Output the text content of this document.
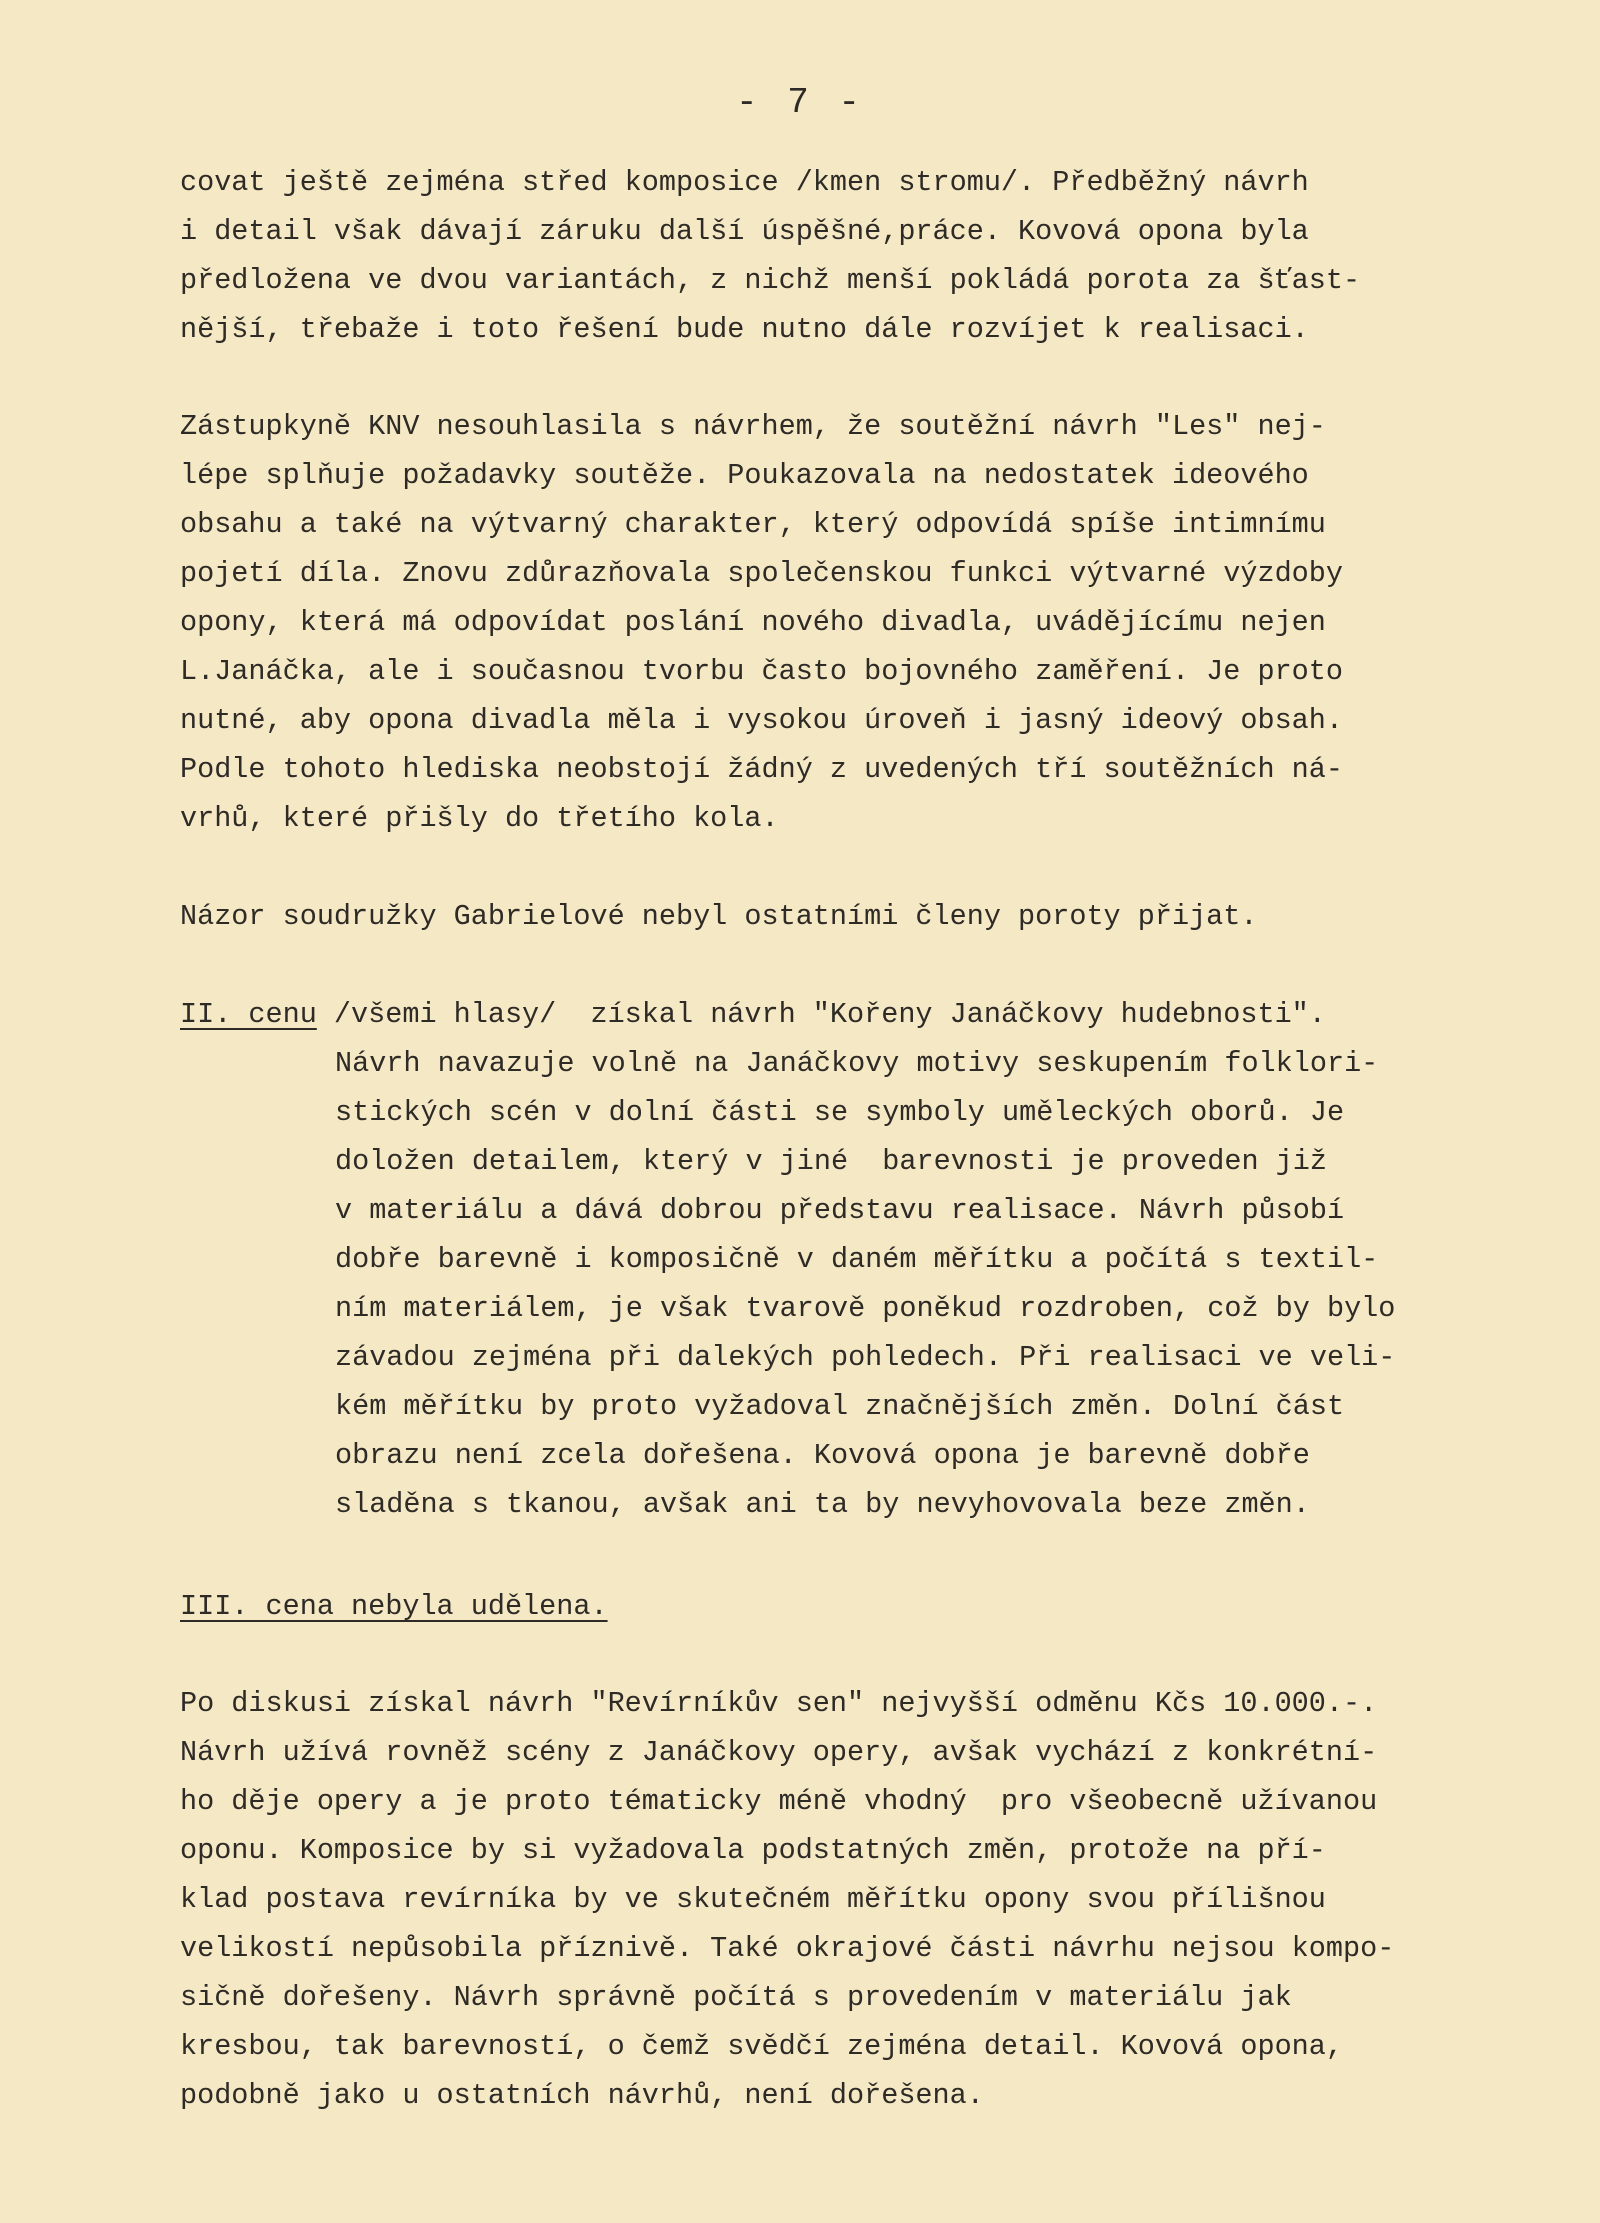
- 7 -
covat ještě zejména střed komposice /kmen stromu/. Předběžný návrh
i detail však dávají záruku další úspěšné,práce. Kovová opona byla
předložena ve dvou variantách, z nichž menší pokládá porota za šťast-
nější, třebaže i toto řešení bude nutno dále rozvíjet k realisaci.
Zástupkyně KNV nesouhlasila s návrhem, že soutěžní návrh "Les" nej-
lépe splňuje požadavky soutěže. Poukazovala na nedostatek ideového
obsahu a také na výtvarný charakter, který odpovídá spíše intimnímu
pojetí díla. Znovu zdůrazňovala společenskou funkci výtvarné výzdoby
opony, která má odpovídat poslání nového divadla, uvádějícímu nejen
L.Janáčka, ale i současnou tvorbu často bojovného zaměření. Je proto
nutné, aby opona divadla měla i vysokou úroveň i jasný ideový obsah.
Podle tohoto hlediska neobstojí žádný z uvedených tří soutěžních ná-
vrhů, které přišly do třetího kola.
Názor soudružky Gabrielové nebyl ostatními členy poroty přijat.
II. cenu /všemi hlasy/  získal návrh "Kořeny Janáčkovy hudebnosti".
Návrh navazuje volně na Janáčkovy motivy seskupením folklori-
stických scén v dolní části se symboly uměleckých oborů. Je
doložen detailem, který v jiné  barevnosti je proveden již
v materiálu a dává dobrou představu realisace. Návrh působí
dobře barevně i komposičně v daném měřítku a počítá s textil-
ním materiálem, je však tvarově poněkud rozdroben, což by bylo
závadou zejména při dalekých pohledech. Při realisaci ve veli-
kém měřítku by proto vyžadoval značnějších změn. Dolní část
obrazu není zcela dořešena. Kovová opona je barevně dobře
sladěna s tkanou, avšak ani ta by nevyhovovala beze změn.
III. cena nebyla udělena.
Po diskusi získal návrh "Revírníkův sen" nejvyšší odměnu Kčs 10.000.-.
Návrh užívá rovněž scény z Janáčkovy opery, avšak vychází z konkrétní-
ho děje opery a je proto tématicky méně vhodný  pro všeobecně užívanou
oponu. Komposice by si vyžadovala podstatných změn, protože na pří-
klad postava revírníka by ve skutečném měřítku opony svou přílišnou
velikostí nepůsobila příznivě. Také okrajové části návrhu nejsou kompo-
sičně dořešeny. Návrh správně počítá s provedením v materiálu jak
kresbou, tak barevností, o čemž svědčí zejména detail. Kovová opona,
podobně jako u ostatních návrhů, není dořešena.
